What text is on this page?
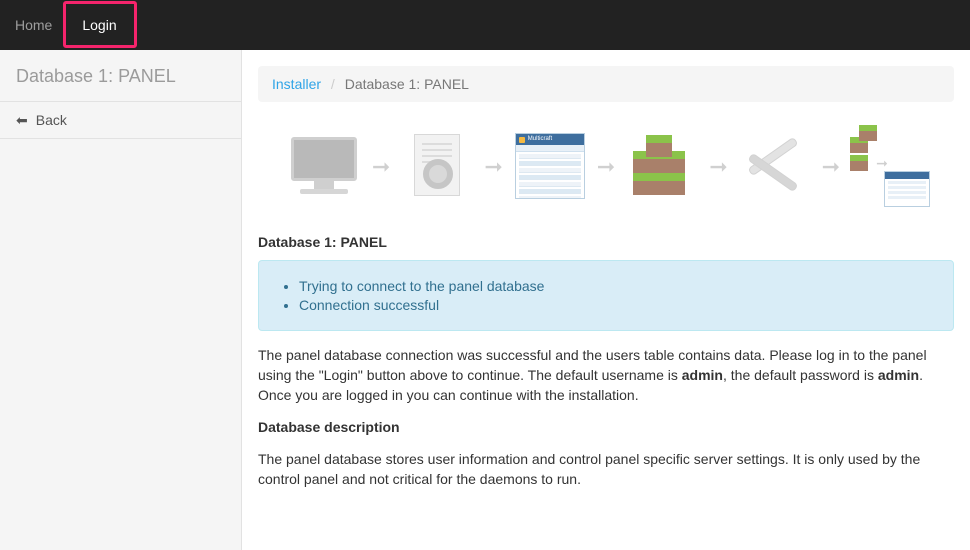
Home Login
Database 1: PANEL
⬅ Back
Installer / Database 1: PANEL
➞	➞
Multicraft
➞	➞	➞	➞
Database 1: PANEL
• Trying to connect to the panel database
• Connection successful

The panel database connection was successful and the users table contains data. Please log in to the panel using the "Login" button above to continue. The default username is admin, the default password is admin. Once you are logged in you can continue with the installation.

Database description

The panel database stores user information and control panel specific server settings. It is only used by the control panel and not critical for the daemons to run.
